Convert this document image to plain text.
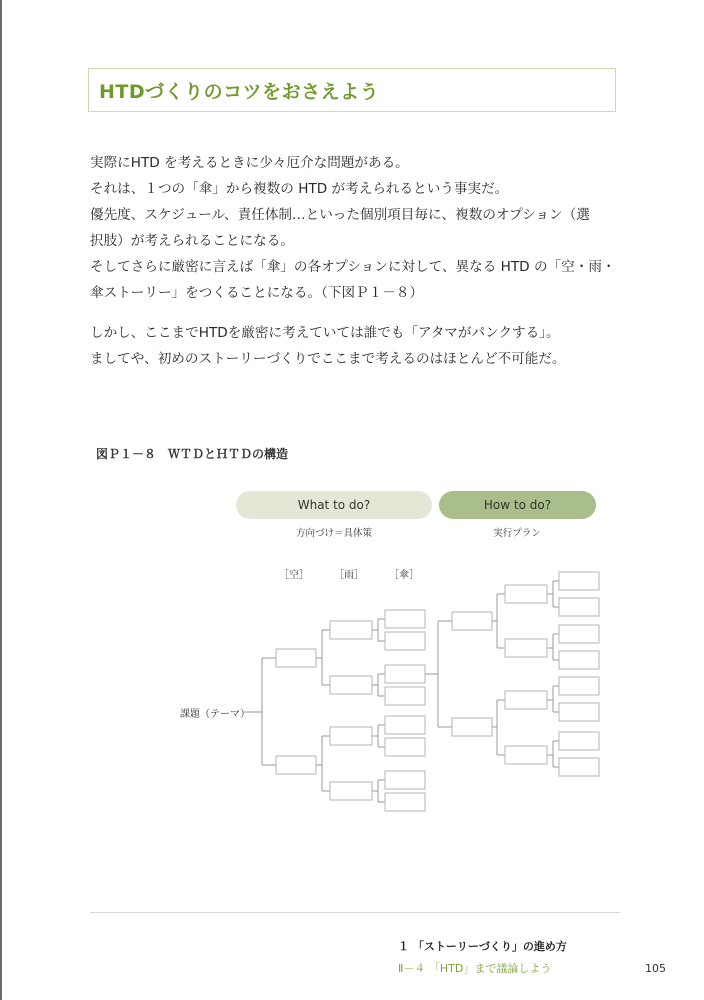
HTDづくりのコツをおさえよう
実際にHTD を考えるときに少々厄介な問題がある。
それは、１つの「傘」から複数の HTD が考えられるという事実だ。
優先度、スケジュール、責任体制…といった個別項目毎に、複数のオプション（選
択肢）が考えられることになる。
そしてさらに厳密に言えば「傘」の各オプションに対して、異なる HTD の「空・雨・
傘ストーリー」をつくることになる。（下図Ｐ１－８）
しかし、ここまでHTDを厳密に考えていては誰でも「アタマがパンクする」。
ましてや、初めのストーリーづくりでここまで考えるのはほとんど不可能だ。
図Ｐ１－８　ＷＴＤとＨＴＤの構造
What to do?	How to do?
方向づけ＝具体策	実行プラン
［空］	［雨］	［傘］
課題（テーマ）
１ 「ストーリーづくり」の進め方
Ⅱ－４ 「HTD」まで議論しよう	105
